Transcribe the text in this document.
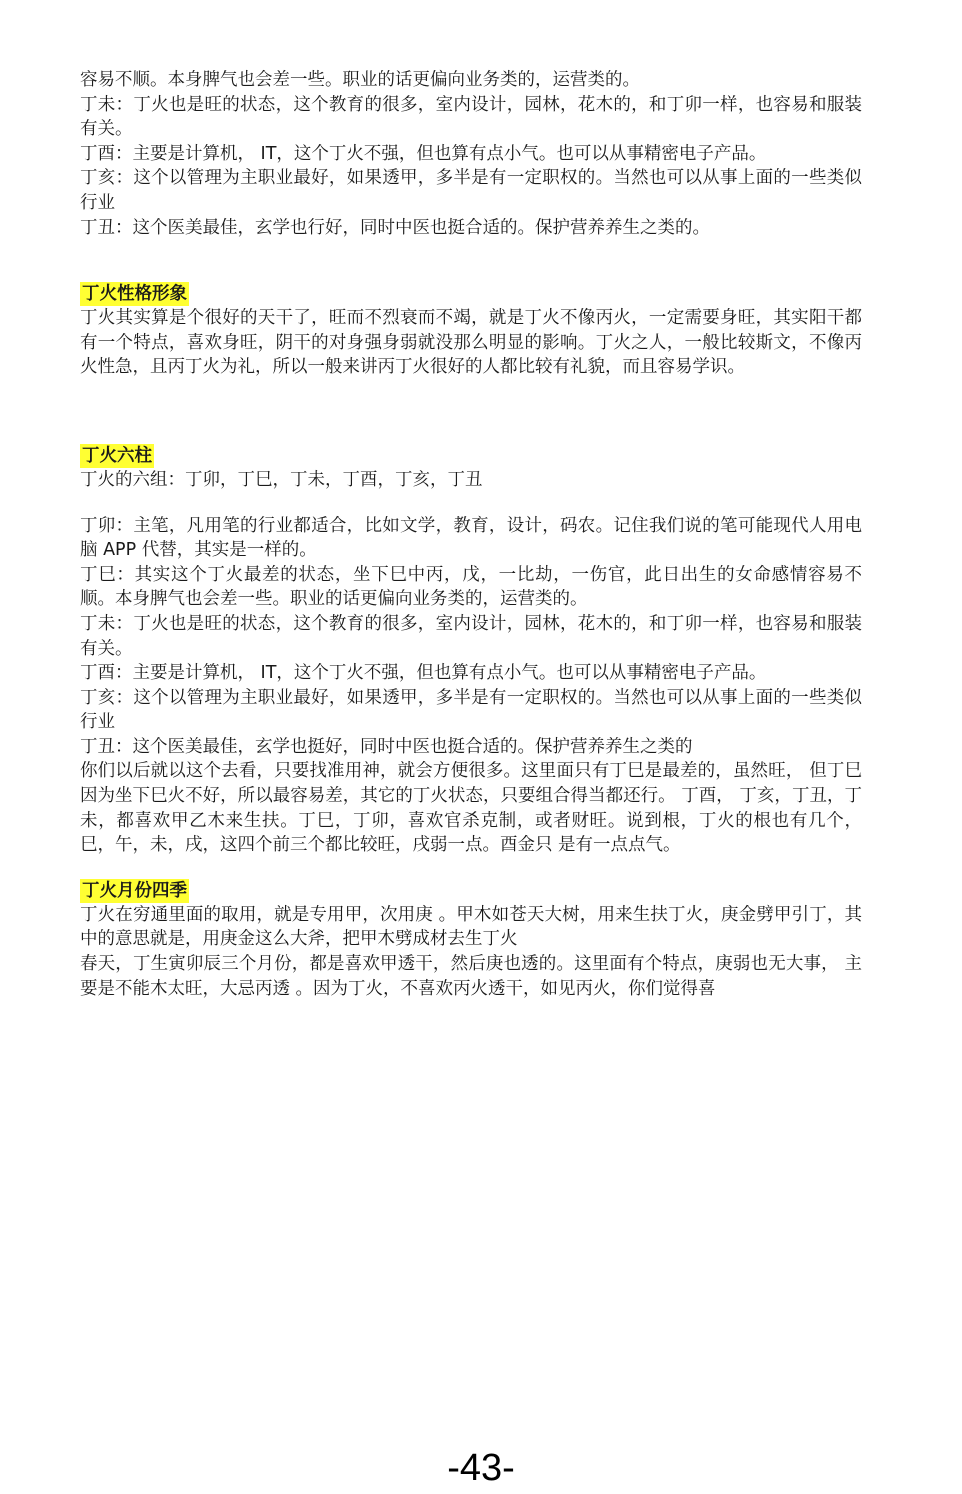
容易不顺。本身脾气也会差一些。职业的话更偏向业务类的，运营类的。

丁未：丁火也是旺的状态，这个教育的很多，室内设计，园林，花木的，和丁卯一样，也容易和服装有关。

丁酉：主要是计算机， IT，这个丁火不强，但也算有点小气。也可以从事精密电子产品。

丁亥：这个以管理为主职业最好，如果透甲，多半是有一定职权的。当然也可以从事上面的一些类似行业

丁丑：这个医美最佳，玄学也行好，同时中医也挺合适的。保护营养养生之类的。

丁火性格形象

丁火其实算是个很好的天干了，旺而不烈衰而不竭，就是丁火不像丙火，一定需要身旺，其实阳干都有一个特点，喜欢身旺，阴干的对身强身弱就没那么明显的影响。丁火之人，一般比较斯文，不像丙火性急，且丙丁火为礼，所以一般来讲丙丁火很好的人都比较有礼貌，而且容易学识。

丁火六柱

丁火的六组：丁卯，丁巳，丁未，丁酉，丁亥，丁丑

丁卯：主笔，凡用笔的行业都适合，比如文学，教育，设计，码农。记住我们说的笔可能现代人用电脑 APP 代替，其实是一样的。

丁巳：其实这个丁火最差的状态，坐下巳中丙，戊，一比劫，一伤官，此日出生的女命感情容易不顺。本身脾气也会差一些。职业的话更偏向业务类的，运营类的。

丁未：丁火也是旺的状态，这个教育的很多，室内设计，园林，花木的，和丁卯一样，也容易和服装有关。

丁酉：主要是计算机， IT，这个丁火不强，但也算有点小气。也可以从事精密电子产品。

丁亥：这个以管理为主职业最好，如果透甲，多半是有一定职权的。当然也可以从事上面的一些类似行业

丁丑：这个医美最佳，玄学也挺好，同时中医也挺合适的。保护营养养生之类的

你们以后就以这个去看，只要找准用神，就会方便很多。这里面只有丁巳是最差的，虽然旺， 但丁巳因为坐下巳火不好，所以最容易差，其它的丁火状态，只要组合得当都还行。 丁酉， 丁亥，丁丑，丁未，都喜欢甲乙木来生扶。丁巳，丁卯，喜欢官杀克制，或者财旺。说到根，丁火的根也有几个， 巳，午，未，戌，这四个前三个都比较旺，戌弱一点。酉金只 是有一点点气。

丁火月份四季

丁火在穷通里面的取用，就是专用甲，次用庚 。甲木如苍天大树，用来生扶丁火，庚金劈甲引丁，其中的意思就是，用庚金这么大斧，把甲木劈成材去生丁火

春天，丁生寅卯辰三个月份，都是喜欢甲透干，然后庚也透的。这里面有个特点，庚弱也无大事， 主要是不能木太旺，大忌丙透 。因为丁火，不喜欢丙火透干，如见丙火，你们觉得喜

-43-
